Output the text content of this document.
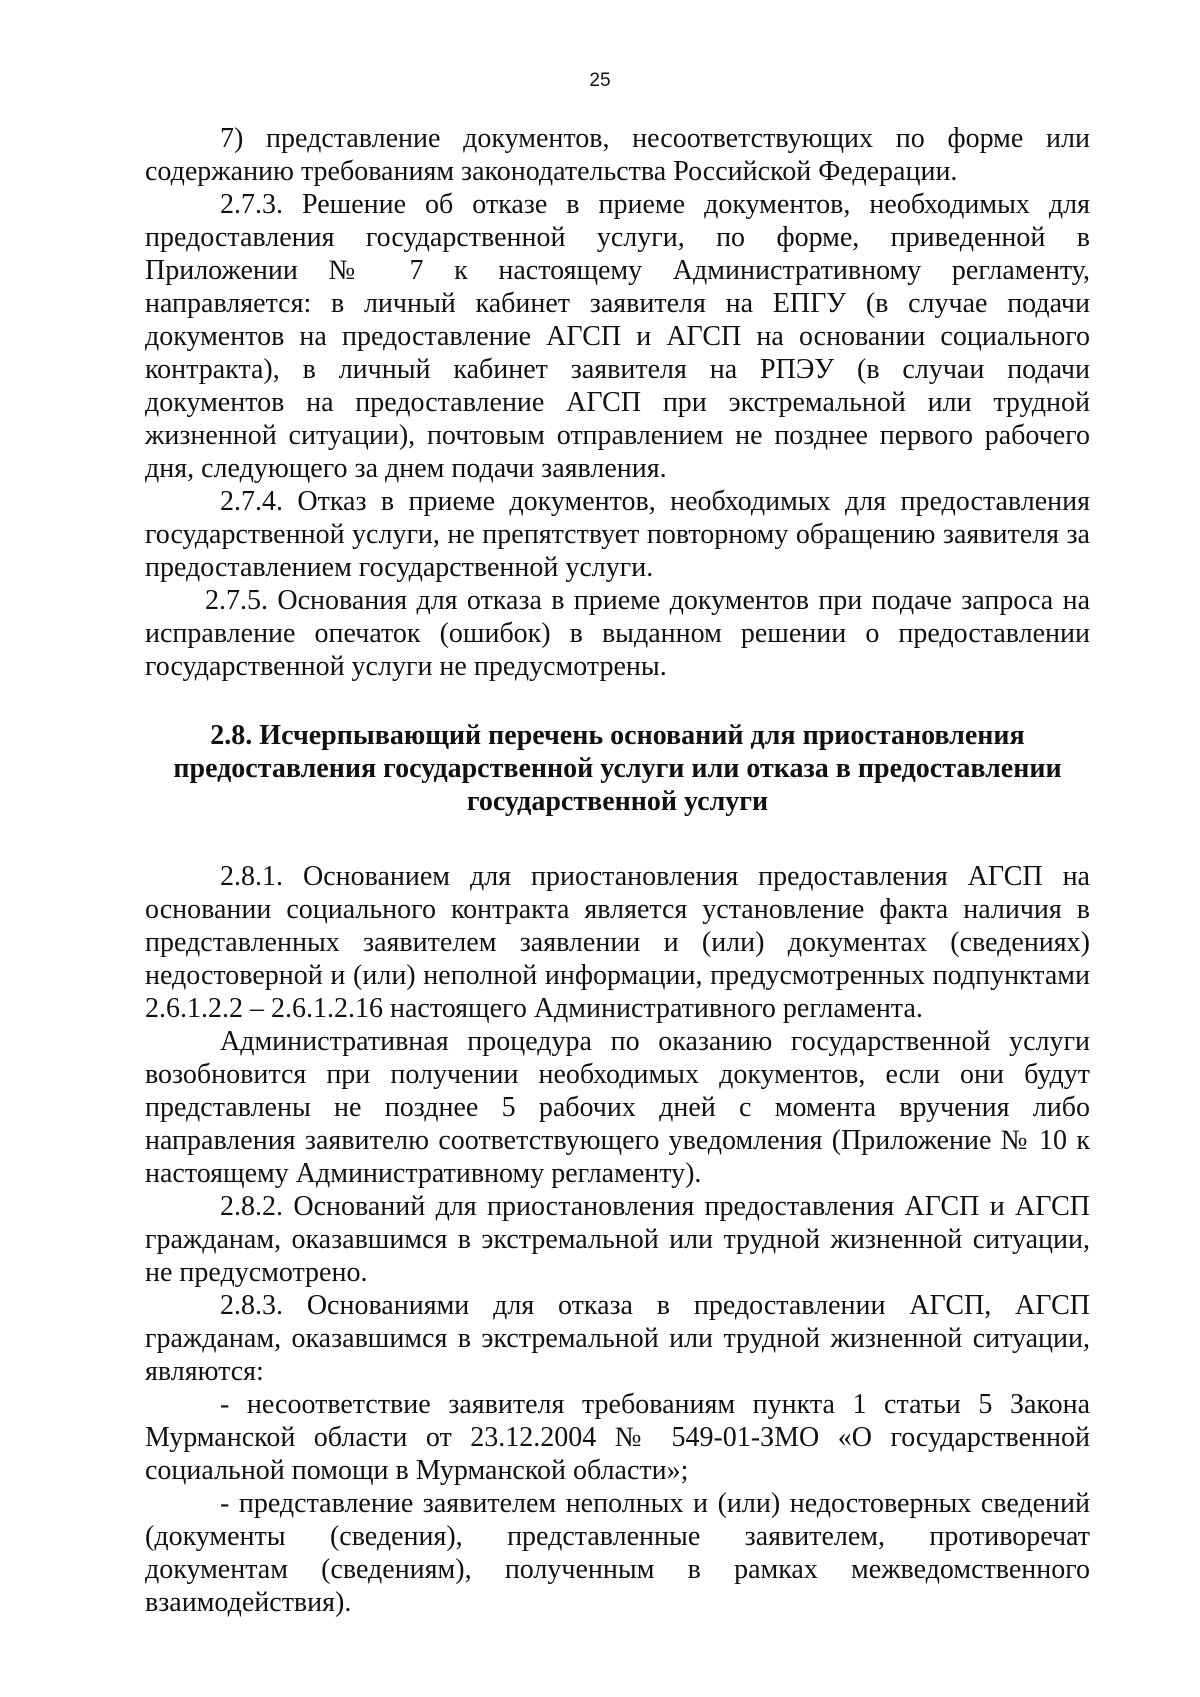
25

7) представление документов, несоответствующих по форме или содержанию требованиям законодательства Российской Федерации.

2.7.3. Решение об отказе в приеме документов, необходимых для предоставления государственной услуги, по форме, приведенной в Приложении № 7 к настоящему Административному регламенту, направляется: в личный кабинет заявителя на ЕПГУ (в случае подачи документов на предоставление АГСП и АГСП на основании социального контракта), в личный кабинет заявителя на РПЭУ (в случаи подачи документов на предоставление АГСП при экстремальной или трудной жизненной ситуации), почтовым отправлением не позднее первого рабочего дня, следующего за днем подачи заявления.

2.7.4. Отказ в приеме документов, необходимых для предоставления государственной услуги, не препятствует повторному обращению заявителя за предоставлением государственной услуги.

2.7.5. Основания для отказа в приеме документов при подаче запроса на исправление опечаток (ошибок) в выданном решении о предоставлении государственной услуги не предусмотрены.

2.8. Исчерпывающий перечень оснований для приостановления
предоставления государственной услуги или отказа в предоставлении
государственной услуги

2.8.1. Основанием для приостановления предоставления АГСП на основании социального контракта является установление факта наличия в представленных заявителем заявлении и (или) документах (сведениях) недостоверной и (или) неполной информации, предусмотренных подпунктами 2.6.1.2.2 – 2.6.1.2.16 настоящего Административного регламента.

Административная процедура по оказанию государственной услуги возобновится при получении необходимых документов, если они будут представлены не позднее 5 рабочих дней с момента вручения либо направления заявителю соответствующего уведомления (Приложение № 10 к настоящему Административному регламенту).

2.8.2. Оснований для приостановления предоставления АГСП и АГСП гражданам, оказавшимся в экстремальной или трудной жизненной ситуации, не предусмотрено.

2.8.3. Основаниями для отказа в предоставлении АГСП, АГСП гражданам, оказавшимся в экстремальной или трудной жизненной ситуации, являются:

- несоответствие заявителя требованиям пункта 1 статьи 5 Закона Мурманской области от 23.12.2004 № 549-01-ЗМО «О государственной социальной помощи в Мурманской области»;

- представление заявителем неполных и (или) недостоверных сведений (документы (сведения), представленные заявителем, противоречат документам (сведениям), полученным в рамках межведомственного взаимодействия).
